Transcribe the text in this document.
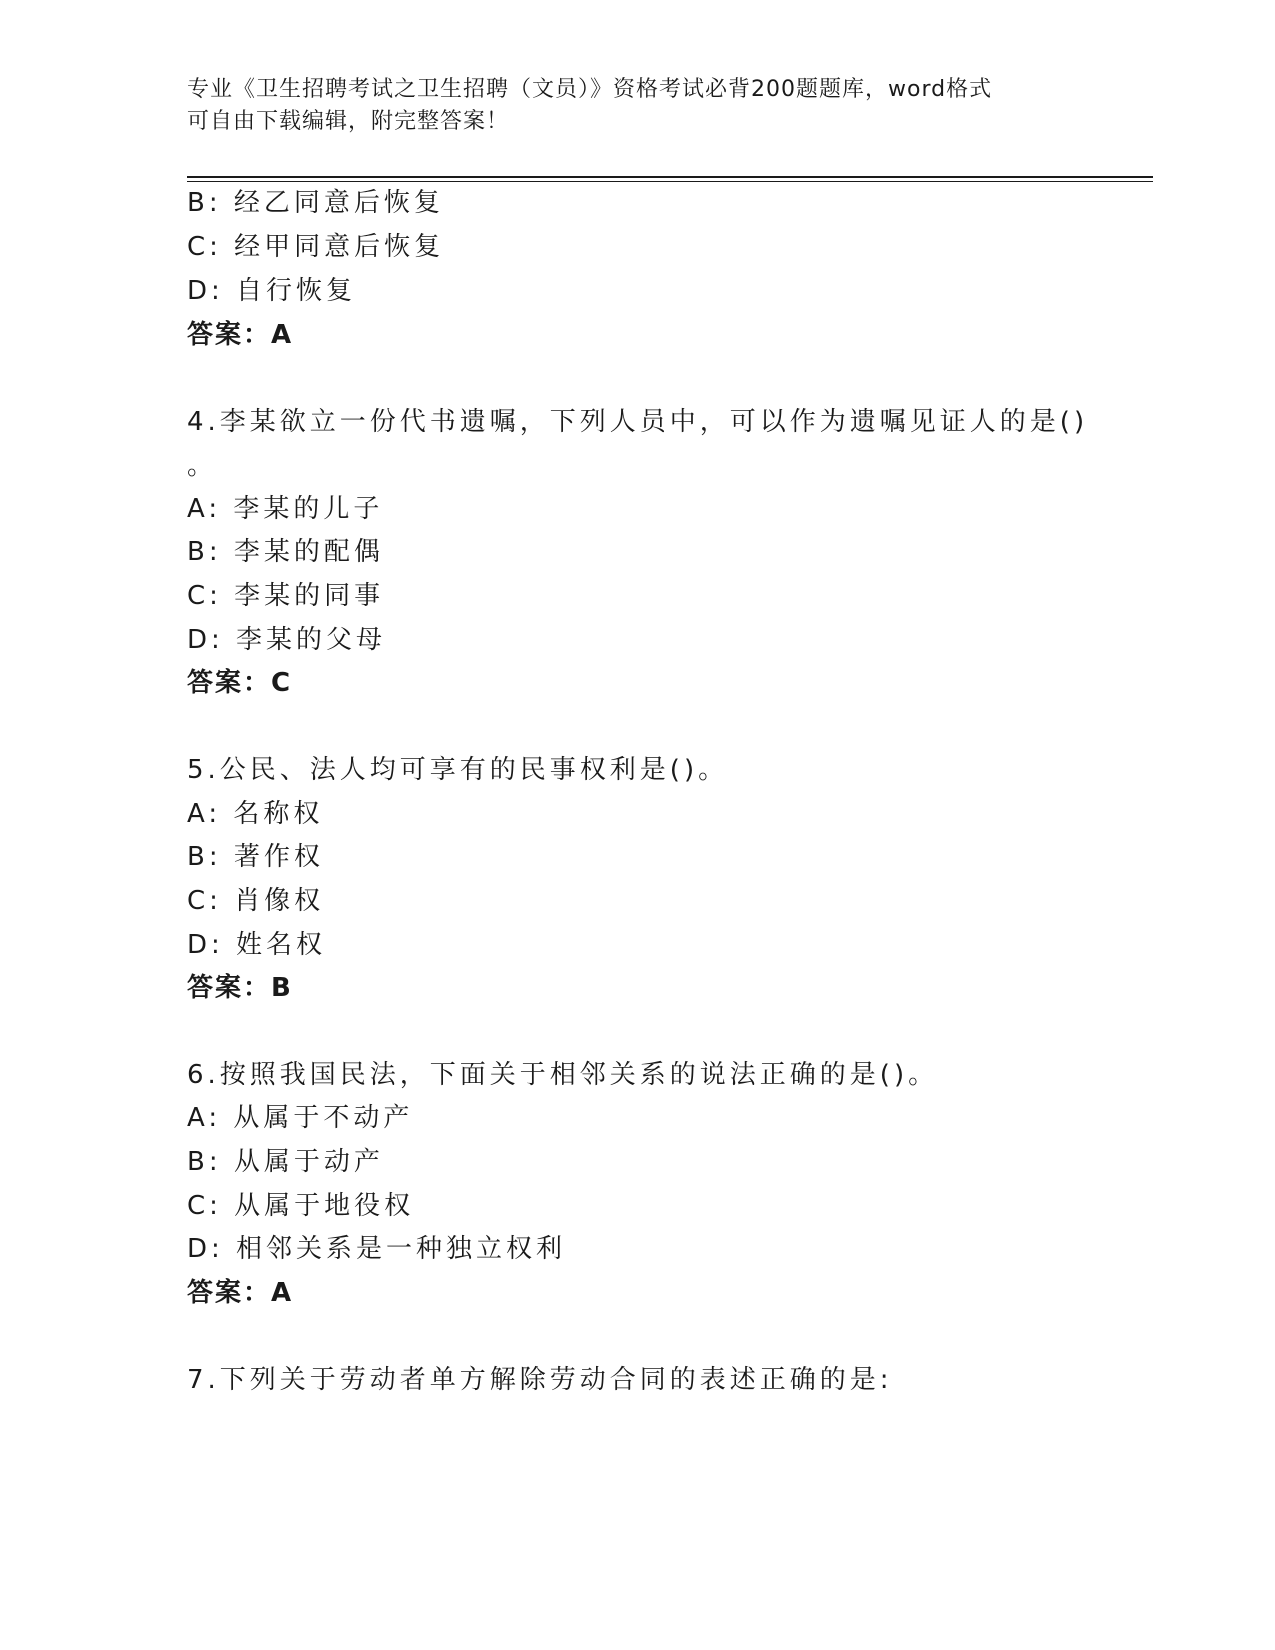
专业《卫生招聘考试之卫生招聘（文员）》资格考试必背200题题库，word格式
可自由下载编辑，附完整答案！
B: 经乙同意后恢复
C: 经甲同意后恢复
D: 自行恢复
答案：A
4.李某欲立一份代书遗嘱，下列人员中，可以作为遗嘱见证人的是()
。
A: 李某的儿子
B: 李某的配偶
C: 李某的同事
D: 李某的父母
答案：C
5.公民、法人均可享有的民事权利是()。
A: 名称权
B: 著作权
C: 肖像权
D: 姓名权
答案：B
6.按照我国民法，下面关于相邻关系的说法正确的是()。
A: 从属于不动产
B: 从属于动产
C: 从属于地役权
D: 相邻关系是一种独立权利
答案：A
7.下列关于劳动者单方解除劳动合同的表述正确的是:
